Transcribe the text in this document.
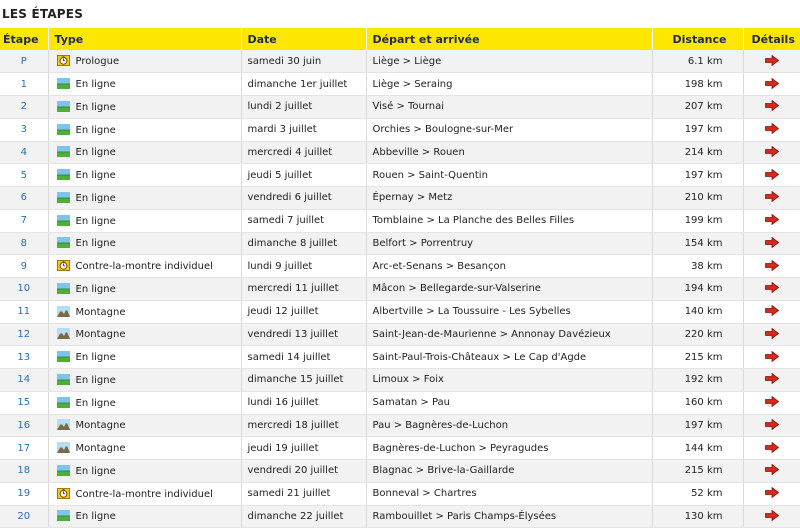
LES ÉTAPES
Étape	Type	Date	Départ et arrivée	Distance	Détails
P	Prologue	samedi 30 juin	Liège > Liège	6.1 km	

1	En ligne	dimanche 1er juillet	Liège > Seraing	198 km	

2	En ligne	lundi 2 juillet	Visé > Tournai	207 km	

3	En ligne	mardi 3 juillet	Orchies > Boulogne-sur-Mer	197 km	

4	En ligne	mercredi 4 juillet	Abbeville > Rouen	214 km	

5	En ligne	jeudi 5 juillet	Rouen > Saint-Quentin	197 km	

6	En ligne	vendredi 6 juillet	Épernay > Metz	210 km	

7	En ligne	samedi 7 juillet	Tomblaine > La Planche des Belles Filles	199 km	

8	En ligne	dimanche 8 juillet	Belfort > Porrentruy	154 km	

9	Contre-la-montre individuel	lundi 9 juillet	Arc-et-Senans > Besançon	38 km	

10	En ligne	mercredi 11 juillet	Mâcon > Bellegarde-sur-Valserine	194 km	

11	Montagne	jeudi 12 juillet	Albertville > La Toussuire - Les Sybelles	140 km	

12	Montagne	vendredi 13 juillet	Saint-Jean-de-Maurienne > Annonay Davézieux	220 km	

13	En ligne	samedi 14 juillet	Saint-Paul-Trois-Châteaux > Le Cap d'Agde	215 km	

14	En ligne	dimanche 15 juillet	Limoux > Foix	192 km	

15	En ligne	lundi 16 juillet	Samatan > Pau	160 km	

16	Montagne	mercredi 18 juillet	Pau > Bagnères-de-Luchon	197 km	

17	Montagne	jeudi 19 juillet	Bagnères-de-Luchon > Peyragudes	144 km	

18	En ligne	vendredi 20 juillet	Blagnac > Brive-la-Gaillarde	215 km	

19	Contre-la-montre individuel	samedi 21 juillet	Bonneval > Chartres	52 km	

20	En ligne	dimanche 22 juillet	Rambouillet > Paris Champs-Élysées	130 km	
